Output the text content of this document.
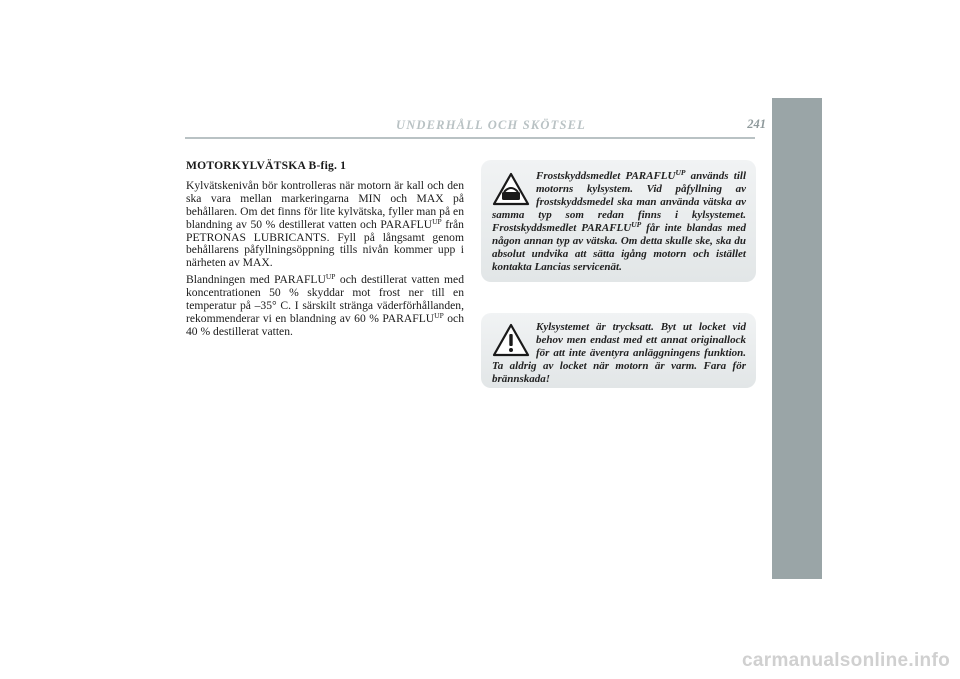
UNDERHÅLL OCH SKÖTSEL	241
MOTORKYLVÄTSKA B-fig. 1

Kylvätskenivån bör kontrolleras när motorn är kall och den ska vara mellan markeringarna MIN och MAX på behållaren. Om det finns för lite kylvätska, fyller man på en blandning av 50 % destillerat vatten och $PARAFLU^{UP}$ från PETRONAS LUBRICANTS. Fyll på långsamt genom behållarens påfyllningsöppning tills nivån kommer upp i närheten av MAX.

Blandningen med $PARAFLU^{UP}$ och destillerat vatten med koncentrationen 50 % skyddar mot frost ner till en temperatur på –35° C. I särskilt stränga väderförhållanden, rekommenderar vi en blandning av 60 % $PARAFLU^{UP}$ och 40 % destillerat vatten.

Frostskyddsmedlet $PARAFLU^{UP}$ används till motorns kylsystem. Vid påfyllning av frostskyddsmedel ska man använda vätska av samma typ som redan finns i kylsystemet. Frostskyddsmedlet $PARAFLU^{UP}$ får inte blandas med någon annan typ av vätska. Om detta skulle ske, ska du absolut undvika att sätta igång motorn och istället kontakta Lancias servicenät.
Kylsystemet är trycksatt. Byt ut locket vid behov men endast med ett annat originallock för att inte äventyra anläggningens funktion. Ta aldrig av locket när motorn är varm. Fara för brännskada!
carmanualsonline.info
